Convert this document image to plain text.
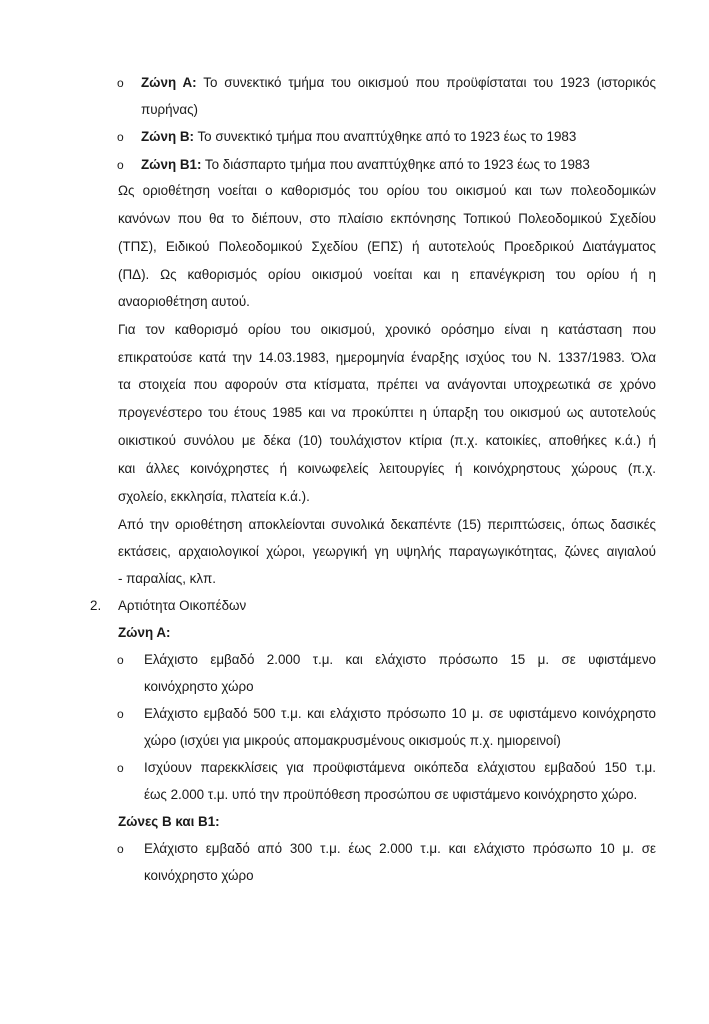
o Ζώνη Α: Το συνεκτικό τμήμα του οικισμού που προϋφίσταται του 1923 (ιστορικός
πυρήνας)
o Ζώνη Β: Το συνεκτικό τμήμα που αναπτύχθηκε από το 1923 έως το 1983
o Ζώνη Β1: Το διάσπαρτο τμήμα που αναπτύχθηκε από το 1923 έως το 1983
Ως οριοθέτηση νοείται ο καθορισμός του ορίου του οικισμού και των πολεοδομικών
κανόνων που θα το διέπουν, στο πλαίσιο εκπόνησης Τοπικού Πολεοδομικού Σχεδίου
(ΤΠΣ), Ειδικού Πολεοδομικού Σχεδίου (ΕΠΣ) ή αυτοτελούς Προεδρικού Διατάγματος
(ΠΔ). Ως καθορισμός ορίου οικισμού νοείται και η επανέγκριση του ορίου ή η
αναοριοθέτηση αυτού.
Για τον καθορισμό ορίου του οικισμού, χρονικό ορόσημο είναι η κατάσταση που
επικρατούσε κατά την 14.03.1983, ημερομηνία έναρξης ισχύος του Ν. 1337/1983. Όλα
τα στοιχεία που αφορούν στα κτίσματα, πρέπει να ανάγονται υποχρεωτικά σε χρόνο
προγενέστερο του έτους 1985 και να προκύπτει η ύπαρξη του οικισμού ως αυτοτελούς
οικιστικού συνόλου με δέκα (10) τουλάχιστον κτίρια (π.χ. κατοικίες, αποθήκες κ.ά.) ή
και άλλες κοινόχρηστες ή κοινωφελείς λειτουργίες ή κοινόχρηστους χώρους (π.χ.
σχολείο, εκκλησία, πλατεία κ.ά.).
Από την οριοθέτηση αποκλείονται συνολικά δεκαπέντε (15) περιπτώσεις, όπως δασικές
εκτάσεις, αρχαιολογικοί χώροι, γεωργική γη υψηλής παραγωγικότητας, ζώνες αιγιαλού
- παραλίας, κλπ.
2. Αρτιότητα Οικοπέδων
Ζώνη Α:
o Ελάχιστο εμβαδό 2.000 τ.μ. και ελάχιστο πρόσωπο 15 μ. σε υφιστάμενο
κοινόχρηστο χώρο
o Ελάχιστο εμβαδό 500 τ.μ. και ελάχιστο πρόσωπο 10 μ. σε υφιστάμενο κοινόχρηστο
χώρο (ισχύει για μικρούς απομακρυσμένους οικισμούς π.χ. ημιορεινοί)
o Ισχύουν παρεκκλίσεις για προϋφιστάμενα οικόπεδα ελάχιστου εμβαδού 150 τ.μ.
έως 2.000 τ.μ. υπό την προϋπόθεση προσώπου σε υφιστάμενο κοινόχρηστο χώρο.
Ζώνες Β και Β1:
o Ελάχιστο εμβαδό από 300 τ.μ. έως 2.000 τ.μ. και ελάχιστο πρόσωπο 10 μ. σε
κοινόχρηστο χώρο
